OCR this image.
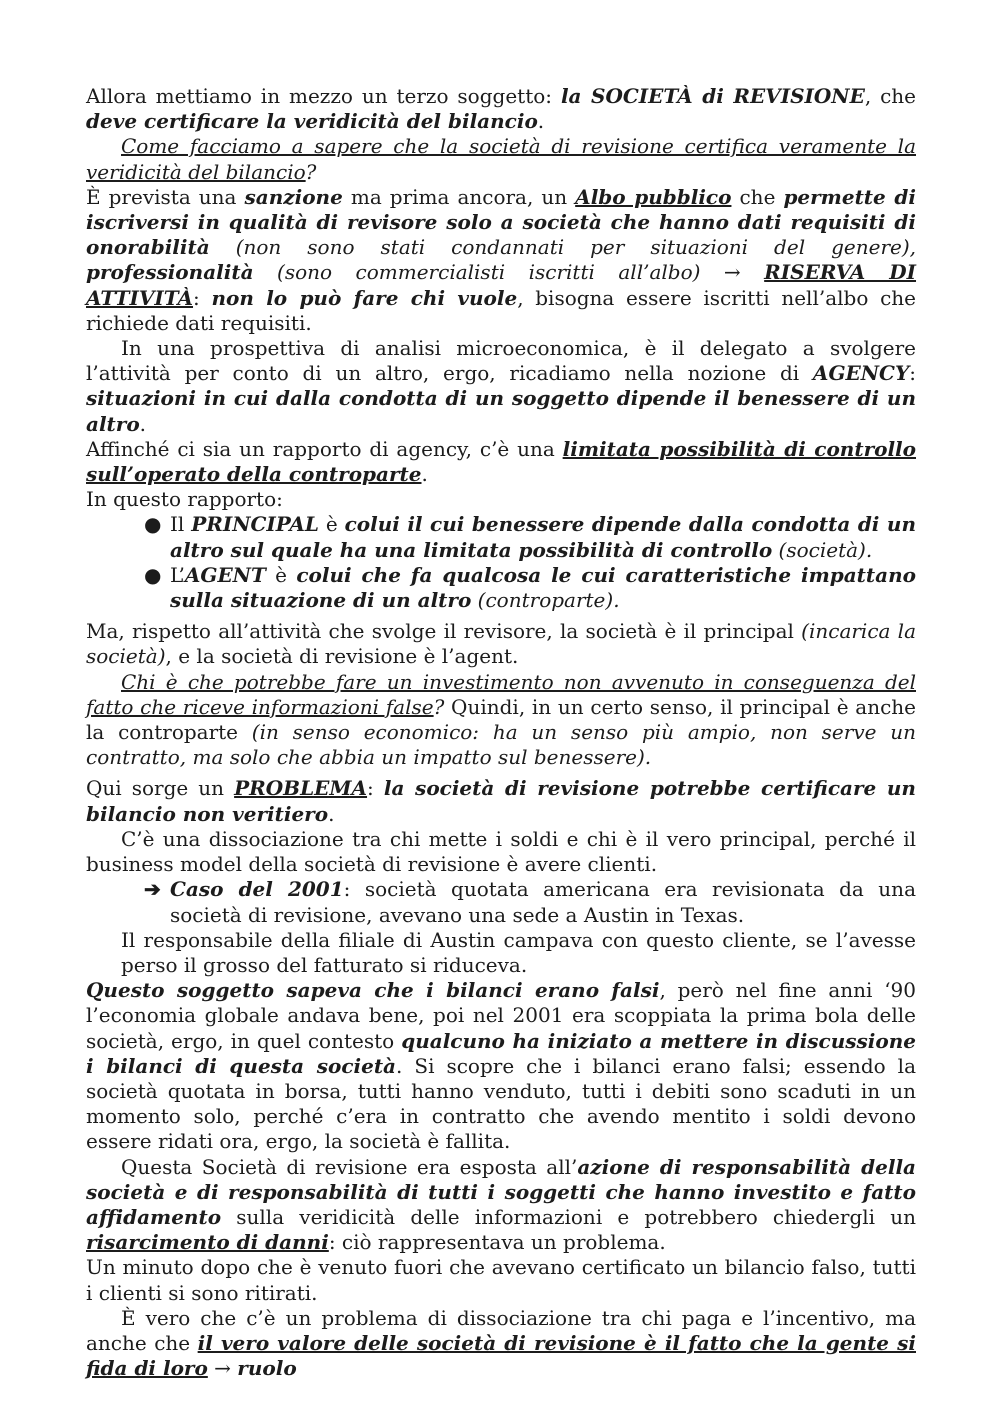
Allora mettiamo in mezzo un terzo soggetto: la SOCIETÀ di REVISIONE, che deve certificare la veridicità del bilancio.

Come facciamo a sapere che la società di revisione certifica veramente la veridicità del bilancio?

È prevista una sanzione ma prima ancora, un Albo pubblico che permette di iscriversi in qualità di revisore solo a società che hanno dati requisiti di onorabilità (non sono stati condannati per situazioni del genere), professionalità (sono commercialisti iscritti all’albo) → RISERVA DI ATTIVITÀ: non lo può fare chi vuole, bisogna essere iscritti nell’albo che richiede dati requisiti.

In una prospettiva di analisi microeconomica, è il delegato a svolgere l’attività per conto di un altro, ergo, ricadiamo nella nozione di AGENCY: situazioni in cui dalla condotta di un soggetto dipende il benessere di un altro.

Affinché ci sia un rapporto di agency, c’è una limitata possibilità di controllo sull’operato della controparte.

In questo rapporto:

● Il PRINCIPAL è colui il cui benessere dipende dalla condotta di un altro sul quale ha una limitata possibilità di controllo (società).

● L’AGENT è colui che fa qualcosa le cui caratteristiche impattano sulla situazione di un altro (controparte).

Ma, rispetto all’attività che svolge il revisore, la società è il principal (incarica la società), e la società di revisione è l’agent.

Chi è che potrebbe fare un investimento non avvenuto in conseguenza del fatto che riceve informazioni false? Quindi, in un certo senso, il principal è anche la controparte (in senso economico: ha un senso più ampio, non serve un contratto, ma solo che abbia un impatto sul benessere).

Qui sorge un PROBLEMA: la società di revisione potrebbe certificare un bilancio non veritiero.

C’è una dissociazione tra chi mette i soldi e chi è il vero principal, perché il business model della società di revisione è avere clienti.

➔ Caso del 2001: società quotata americana era revisionata da una società di revisione, avevano una sede a Austin in Texas.

Il responsabile della filiale di Austin campava con questo cliente, se l’avesse perso il grosso del fatturato si riduceva.

Questo soggetto sapeva che i bilanci erano falsi, però nel fine anni ‘90 l’economia globale andava bene, poi nel 2001 era scoppiata la prima bola delle società, ergo, in quel contesto qualcuno ha iniziato a mettere in discussione i bilanci di questa società. Si scopre che i bilanci erano falsi; essendo la società quotata in borsa, tutti hanno venduto, tutti i debiti sono scaduti in un momento solo, perché c’era in contratto che avendo mentito i soldi devono essere ridati ora, ergo, la società è fallita.

Questa Società di revisione era esposta all’azione di responsabilità della società e di responsabilità di tutti i soggetti che hanno investito e fatto affidamento sulla veridicità delle informazioni e potrebbero chiedergli un risarcimento di danni: ciò rappresentava un problema.

Un minuto dopo che è venuto fuori che avevano certificato un bilancio falso, tutti i clienti si sono ritirati.

È vero che c’è un problema di dissociazione tra chi paga e l’incentivo, ma anche che il vero valore delle società di revisione è il fatto che la gente si fida di loro → ruolo
